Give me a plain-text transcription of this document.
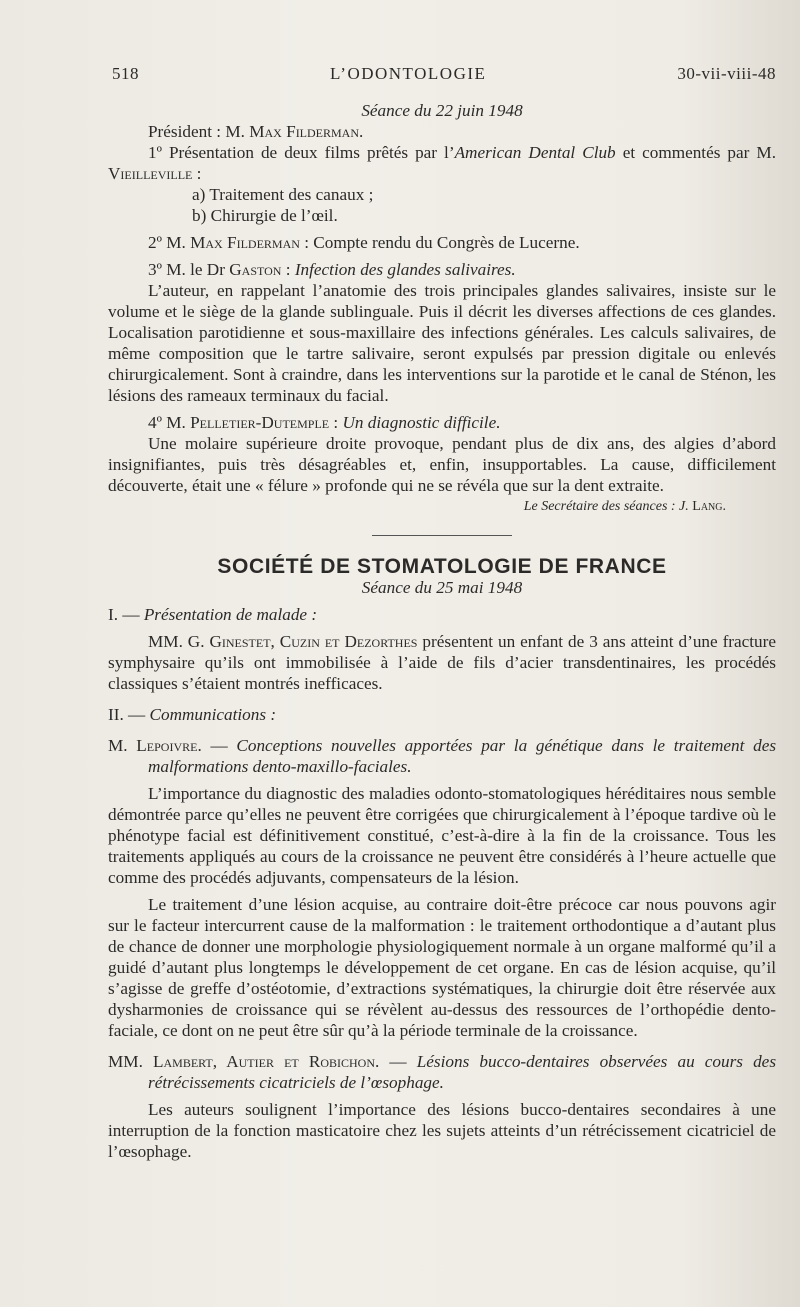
518	L’ODONTOLOGIE	30-vii-viii-48

Séance du 22 juin 1948

Président : M. Max Filderman.

1º Présentation de deux films prêtés par l’American Dental Club et commentés par M. Vieilleville :

a) Traitement des canaux ;

b) Chirurgie de l’œil.

2º M. Max Filderman : Compte rendu du Congrès de Lucerne.

3º M. le Dr Gaston : Infection des glandes salivaires.

L’auteur, en rappelant l’anatomie des trois principales glandes salivaires, insiste sur le volume et le siège de la glande sublinguale. Puis il décrit les diverses affections de ces glandes. Localisation parotidienne et sous-maxillaire des infections générales. Les calculs salivaires, de même composition que le tartre salivaire, seront expulsés par pression digitale ou enlevés chirurgicalement. Sont à craindre, dans les interventions sur la parotide et le canal de Sténon, les lésions des rameaux terminaux du facial.

4º M. Pelletier-Dutemple : Un diagnostic difficile.

Une molaire supérieure droite provoque, pendant plus de dix ans, des algies d’abord insignifiantes, puis très désagréables et, enfin, insupportables. La cause, difficilement découverte, était une « félure » profonde qui ne se révéla que sur la dent extraite.

Le Secrétaire des séances : J. Lang.

SOCIÉTÉ DE STOMATOLOGIE DE FRANCE

Séance du 25 mai 1948

I. — Présentation de malade :

MM. G. Ginestet, Cuzin et Dezorthes présentent un enfant de 3 ans atteint d’une fracture symphysaire qu’ils ont immobilisée à l’aide de fils d’acier transdentinaires, les procédés classiques s’étaient montrés inefficaces.

II. — Communications :

M. Lepoivre. — Conceptions nouvelles apportées par la génétique dans le traitement des malformations dento-maxillo-faciales.

L’importance du diagnostic des maladies odonto-stomatologiques héréditaires nous semble démontrée parce qu’elles ne peuvent être corrigées que chirurgicalement à l’époque tardive où le phénotype facial est définitivement constitué, c’est-à-dire à la fin de la croissance. Tous les traitements appliqués au cours de la croissance ne peuvent être considérés à l’heure actuelle que comme des procédés adjuvants, compensateurs de la lésion.

Le traitement d’une lésion acquise, au contraire doit-être précoce car nous pouvons agir sur le facteur intercurrent cause de la malformation : le traitement orthodontique a d’autant plus de chance de donner une morphologie physiologiquement normale à un organe malformé qu’il a guidé d’autant plus longtemps le développement de cet organe. En cas de lésion acquise, qu’il s’agisse de greffe d’ostéotomie, d’extractions systématiques, la chirurgie doit être réservée aux dysharmonies de croissance qui se révèlent au-dessus des ressources de l’orthopédie dento-faciale, ce dont on ne peut être sûr qu’à la période terminale de la croissance.

MM. Lambert, Autier et Robichon. — Lésions bucco-dentaires observées au cours des rétrécissements cicatriciels de l’œsophage.

Les auteurs soulignent l’importance des lésions bucco-dentaires secondaires à une interruption de la fonction masticatoire chez les sujets atteints d’un rétrécissement cicatriciel de l’œsophage.
